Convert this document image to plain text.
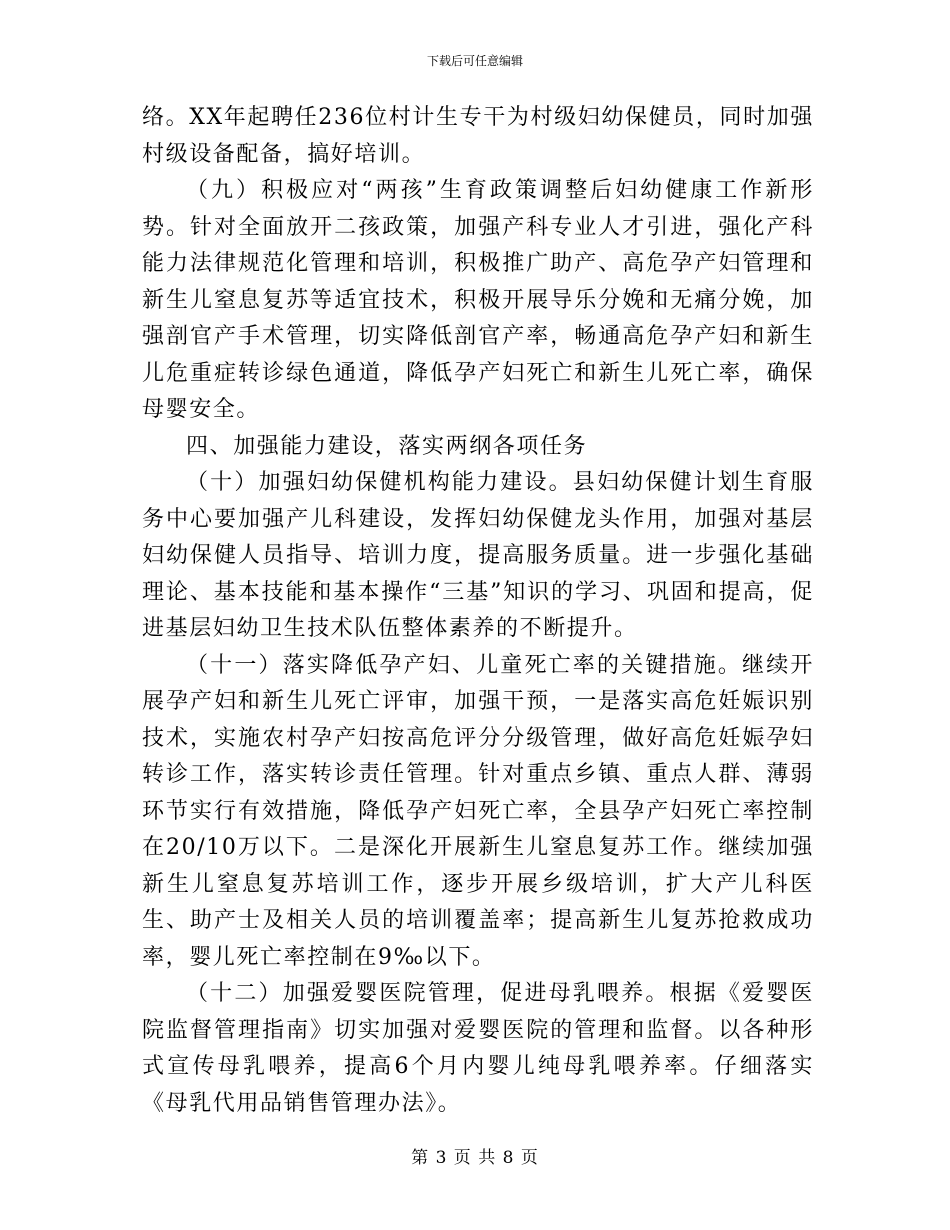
下载后可任意编辑

络。XX年起聘任236位村计生专干为村级妇幼保健员，同时加强村级设备配备，搞好培训。

（九）积极应对“两孩”生育政策调整后妇幼健康工作新形势。针对全面放开二孩政策，加强产科专业人才引进，强化产科能力法律规范化管理和培训，积极推广助产、高危孕产妇管理和新生儿窒息复苏等适宜技术，积极开展导乐分娩和无痛分娩，加强剖官产手术管理，切实降低剖官产率，畅通高危孕产妇和新生儿危重症转诊绿色通道，降低孕产妇死亡和新生儿死亡率，确保母婴安全。

四、加强能力建设，落实两纲各项任务

（十）加强妇幼保健机构能力建设。县妇幼保健计划生育服务中心要加强产儿科建设，发挥妇幼保健龙头作用，加强对基层妇幼保健人员指导、培训力度，提高服务质量。进一步强化基础理论、基本技能和基本操作“三基”知识的学习、巩固和提高，促进基层妇幼卫生技术队伍整体素养的不断提升。

（十一）落实降低孕产妇、儿童死亡率的关键措施。继续开展孕产妇和新生儿死亡评审，加强干预，一是落实高危妊娠识别技术，实施农村孕产妇按高危评分分级管理，做好高危妊娠孕妇转诊工作，落实转诊责任管理。针对重点乡镇、重点人群、薄弱环节实行有效措施，降低孕产妇死亡率，全县孕产妇死亡率控制在20/10万以下。二是深化开展新生儿窒息复苏工作。继续加强新生儿窒息复苏培训工作，逐步开展乡级培训，扩大产儿科医生、助产士及相关人员的培训覆盖率；提高新生儿复苏抢救成功率，婴儿死亡率控制在9‰以下。

（十二）加强爱婴医院管理，促进母乳喂养。根据《爱婴医院监督管理指南》切实加强对爱婴医院的管理和监督。以各种形式宣传母乳喂养，提高6个月内婴儿纯母乳喂养率。仔细落实《母乳代用品销售管理办法》。

第 3 页 共 8 页
